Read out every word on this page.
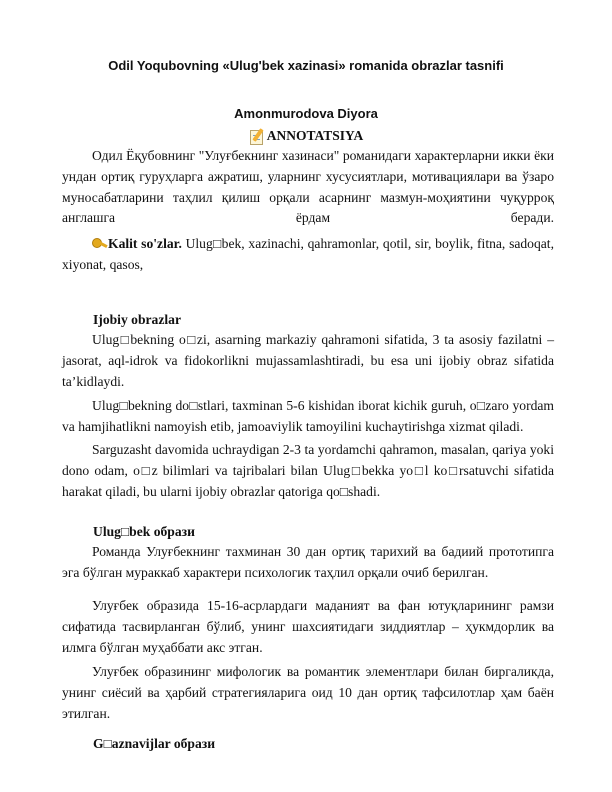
Odil Yoqubovning «Ulug'bek xazinasi» romanida obrazlar tasnifi
Amonmurodova Diyora
ANNOTATSIYA

Одил Ёқубовнинг "Улуғбекнинг хазинаси" романидаги характерларни икки ёки ундан ортиқ гуруҳларга ажратиш, уларнинг хусусиятлари, мотивациялари ва ўзаро муносабатларини таҳлил қилиш орқали асарнинг мазмун-моҳиятини чуқурроқ англашга ёрдам беради.

Kalit so'zlar. Ulug□bek, xazinachi, qahramonlar, qotil, sir, boylik, fitna, sadoqat, xiyonat, qasos,

Ijobiy obrazlar

Ulug□bekning o□zi, asarning markaziy qahramoni sifatida, 3 ta asosiy fazilatni – jasorat, aql-idrok va fidokorlikni mujassamlashtiradi, bu esa uni ijobiy obraz sifatida ta’kidlaydi.

Ulug□bekning do□stlari, taxminan 5-6 kishidan iborat kichik guruh, o□zaro yordam va hamjihatlikni namoyish etib, jamoaviylik tamoyilini kuchaytirishga xizmat qiladi.

Sarguzasht davomida uchraydigan 2-3 ta yordamchi qahramon, masalan, qariya yoki dono odam, o□z bilimlari va tajribalari bilan Ulug□bekka yo□l ko□rsatuvchi sifatida harakat qiladi, bu ularni ijobiy obrazlar qatoriga qo□shadi.

Ulug□bek образи

Романда Улуғбекнинг тахминан 30 дан ортиқ тарихий ва бадиий прототипга эга бўлган мураккаб характери психологик таҳлил орқали очиб берилган.

Улуғбек образида 15-16-асрлардаги маданият ва фан ютуқларининг рамзи сифатида тасвирланган бўлиб, унинг шахсиятидаги зиддиятлар – ҳукмдорлик ва илмга бўлган муҳаббати акс этган.

Улуғбек образининг мифологик ва романтик элементлари билан биргаликда, унинг сиёсий ва ҳарбий стратегияларига оид 10 дан ортиқ тафсилотлар ҳам баён этилган.

G□aznavijlar образи
